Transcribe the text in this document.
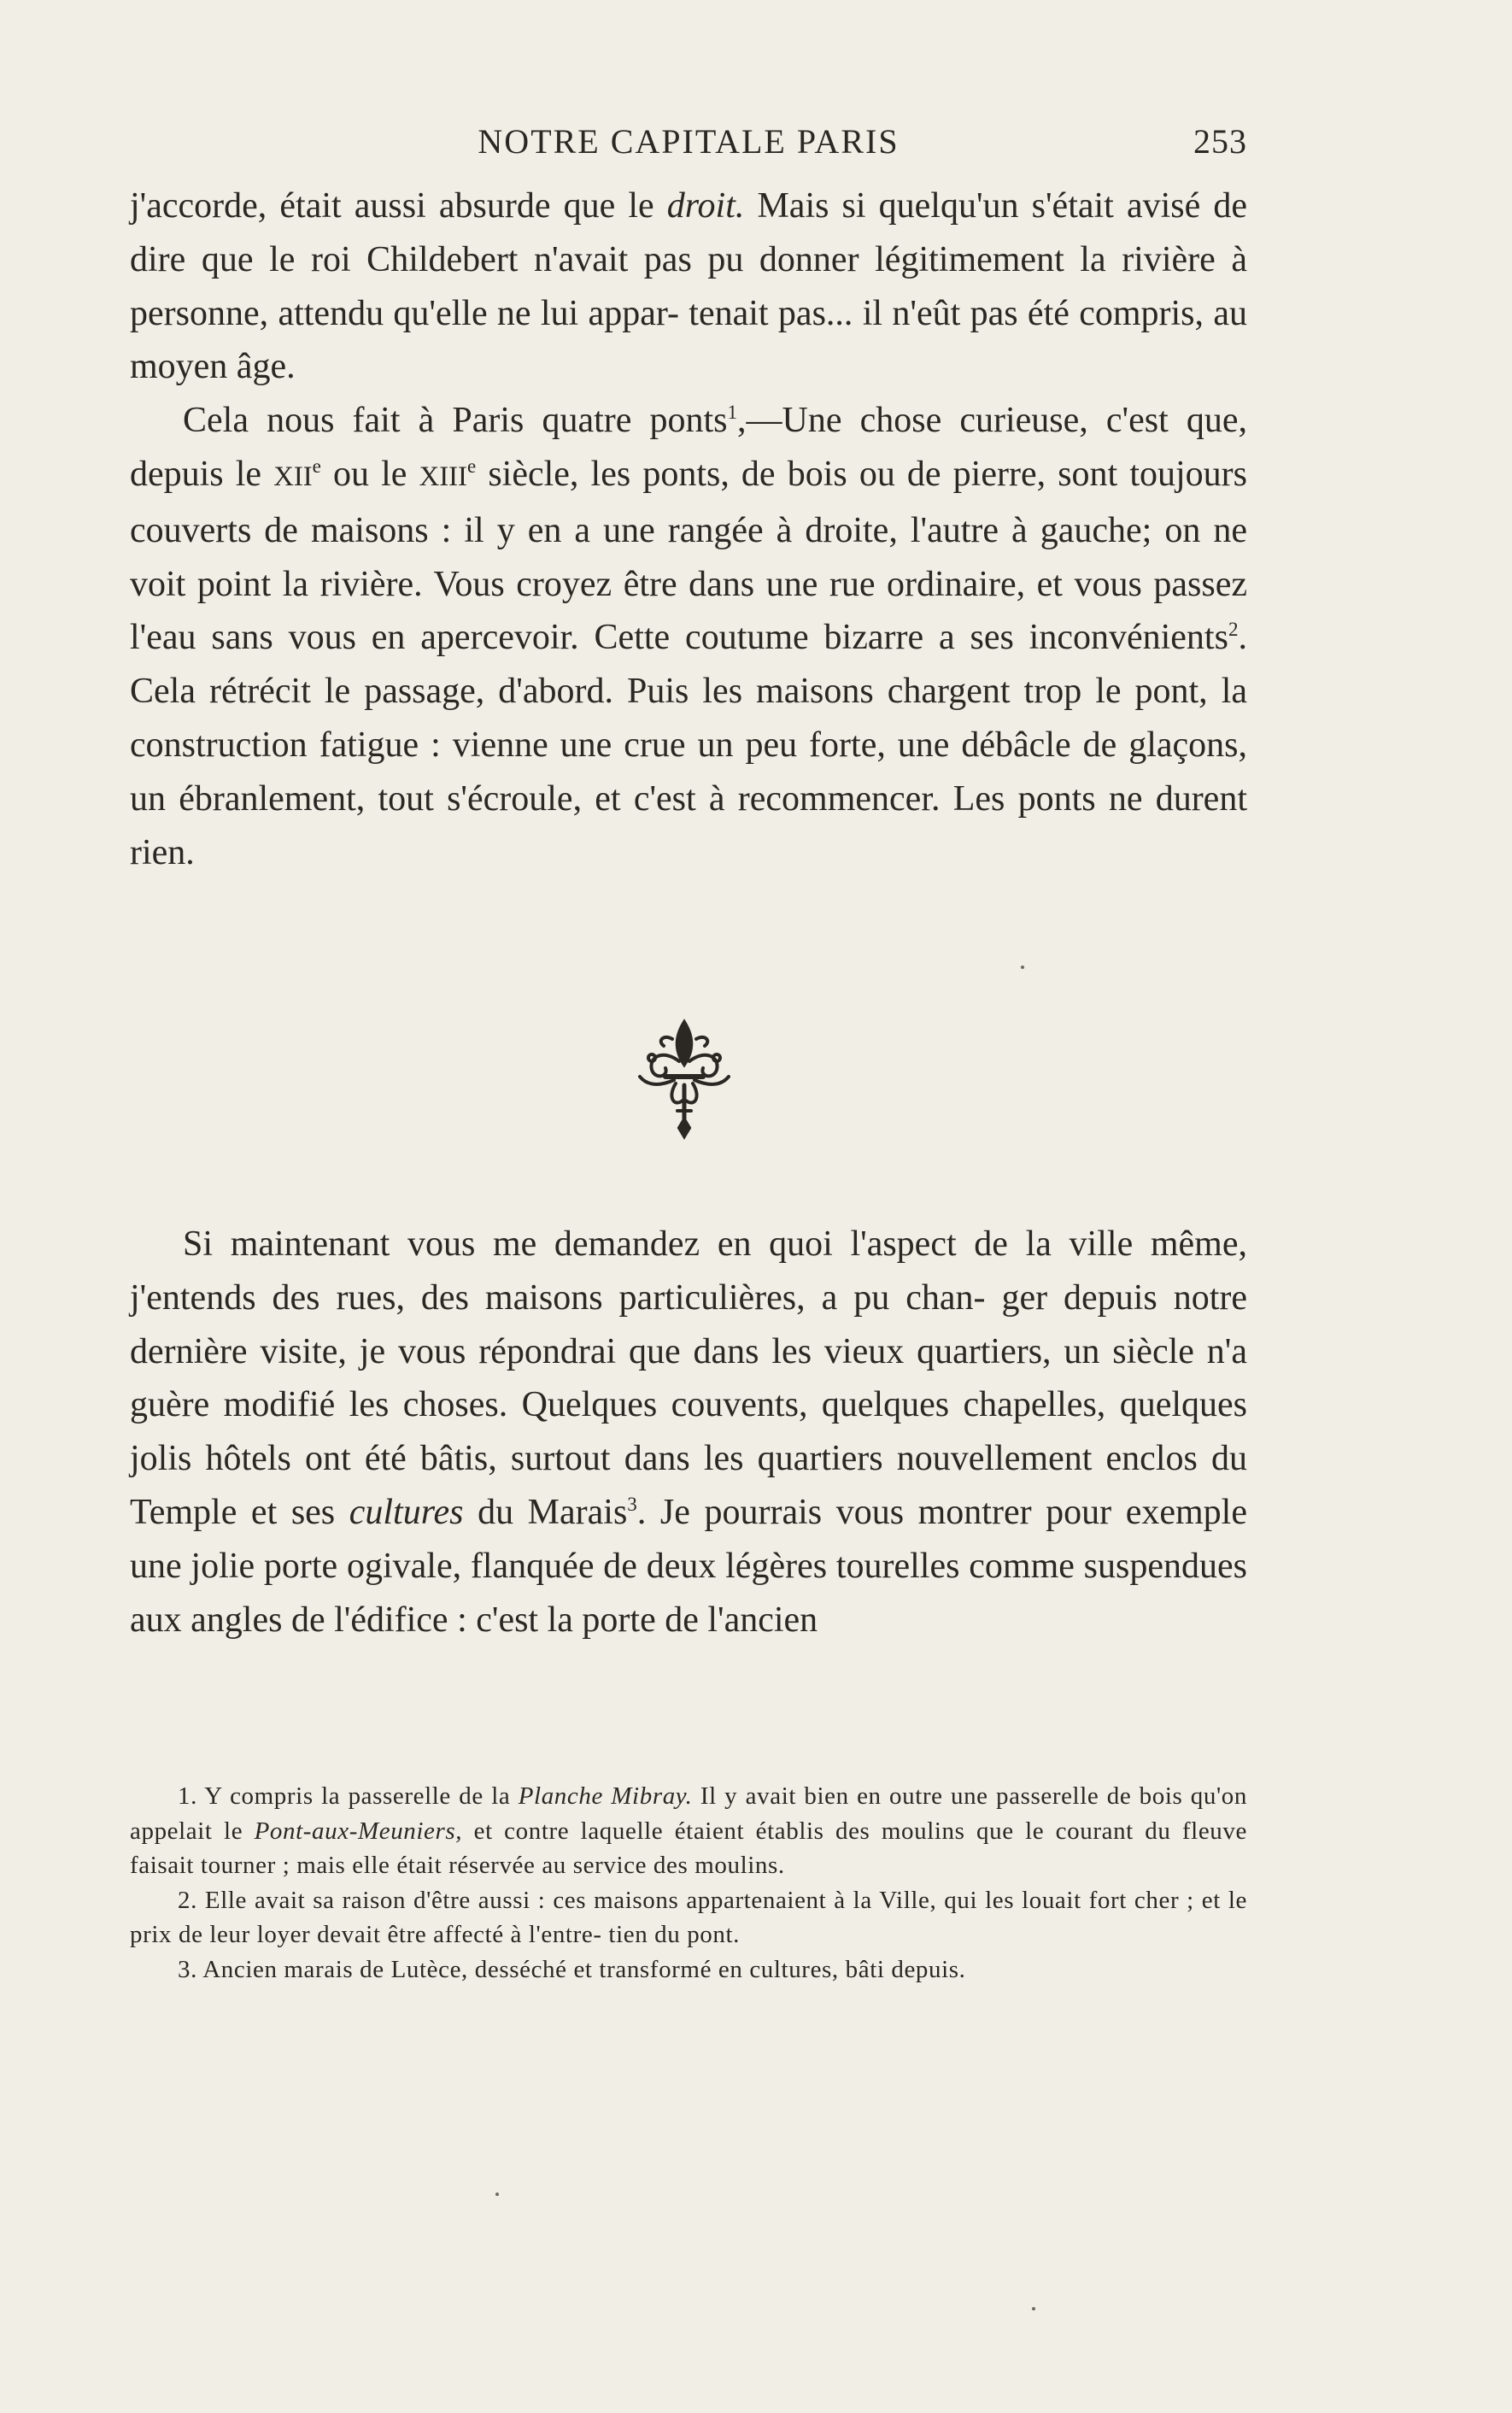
NOTRE CAPITALE PARIS	253

j'accorde, était aussi absurde que le droit. Mais si quelqu'un s'était avisé de dire que le roi Childebert n'avait pas pu donner légitimement la rivière à personne, attendu qu'elle ne lui appar- tenait pas... il n'eût pas été compris, au moyen âge.

Cela nous fait à Paris quatre ponts$^1$,—Une chose curieuse, c'est que, depuis le XIIe ou le XIIIe siècle, les ponts, de bois ou de pierre, sont toujours couverts de maisons : il y en a une rangée à droite, l'autre à gauche; on ne voit point la rivière. Vous croyez être dans une rue ordinaire, et vous passez l'eau sans vous en apercevoir. Cette coutume bizarre a ses inconvénients$^2$. Cela rétrécit le passage, d'abord. Puis les maisons chargent trop le pont, la construction fatigue : vienne une crue un peu forte, une débâcle de glaçons, un ébranlement, tout s'écroule, et c'est à recommencer. Les ponts ne durent rien.

Si maintenant vous me demandez en quoi l'aspect de la ville même, j'entends des rues, des maisons particulières, a pu chan- ger depuis notre dernière visite, je vous répondrai que dans les vieux quartiers, un siècle n'a guère modifié les choses. Quelques couvents, quelques chapelles, quelques jolis hôtels ont été bâtis, surtout dans les quartiers nouvellement enclos du Temple et ses cultures du Marais$^3$. Je pourrais vous montrer pour exemple une jolie porte ogivale, flanquée de deux légères tourelles comme suspendues aux angles de l'édifice : c'est la porte de l'ancien

1. Y compris la passerelle de la Planche Mibray. Il y avait bien en outre une passerelle de bois qu'on appelait le Pont-aux-Meuniers, et contre laquelle étaient établis des moulins que le courant du fleuve faisait tourner ; mais elle était réservée au service des moulins.

2. Elle avait sa raison d'être aussi : ces maisons appartenaient à la Ville, qui les louait fort cher ; et le prix de leur loyer devait être affecté à l'entre- tien du pont.

3. Ancien marais de Lutèce, desséché et transformé en cultures, bâti depuis.
